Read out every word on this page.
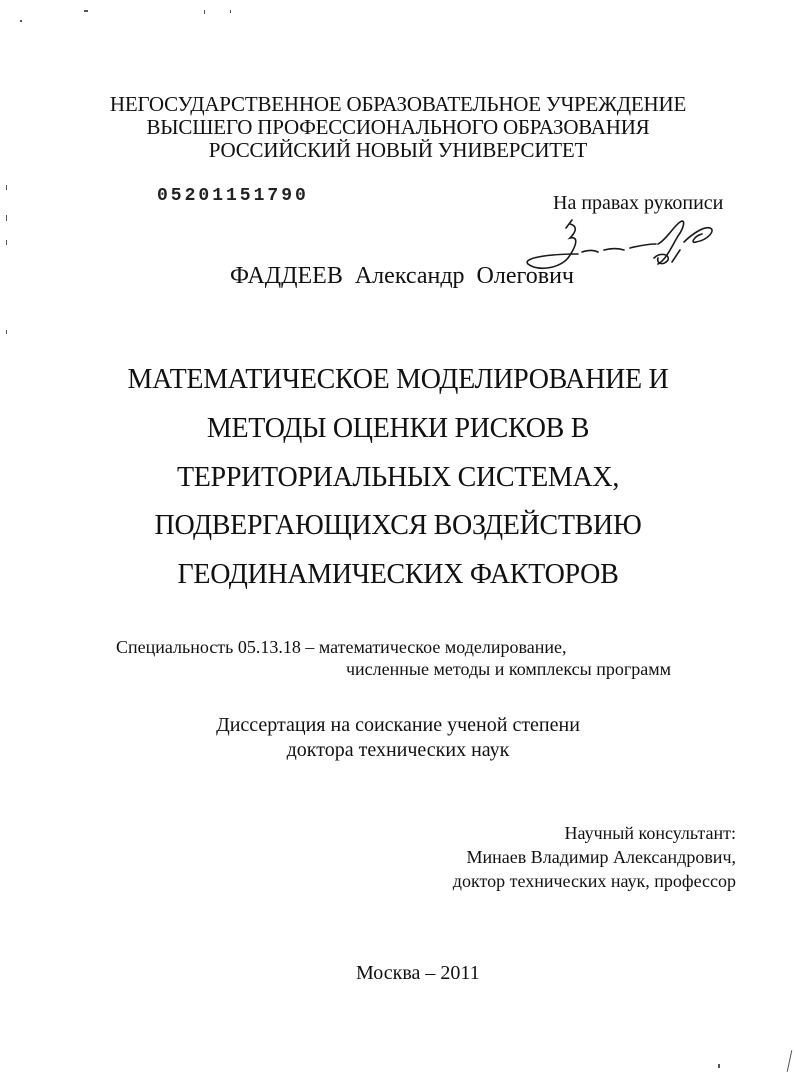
НЕГОСУДАРСТВЕННОЕ ОБРАЗОВАТЕЛЬНОЕ УЧРЕЖДЕНИЕ
ВЫСШЕГО ПРОФЕССИОНАЛЬНОГО ОБРАЗОВАНИЯ
РОССИЙСКИЙ НОВЫЙ УНИВЕРСИТЕТ
05201151790	На правах рукописи
ФАДДЕЕВ  Александр  Олегович
МАТЕМАТИЧЕСКОЕ МОДЕЛИРОВАНИЕ И
МЕТОДЫ ОЦЕНКИ РИСКОВ В
ТЕРРИТОРИАЛЬНЫХ СИСТЕМАХ,
ПОДВЕРГАЮЩИХСЯ ВОЗДЕЙСТВИЮ
ГЕОДИНАМИЧЕСКИХ ФАКТОРОВ
Специальность 05.13.18 – математическое моделирование,
численные методы и комплексы программ
Диссертация на соискание ученой степени
доктора технических наук
Научный консультант:
Минаев Владимир Александрович,
доктор технических наук, профессор
Москва – 2011
